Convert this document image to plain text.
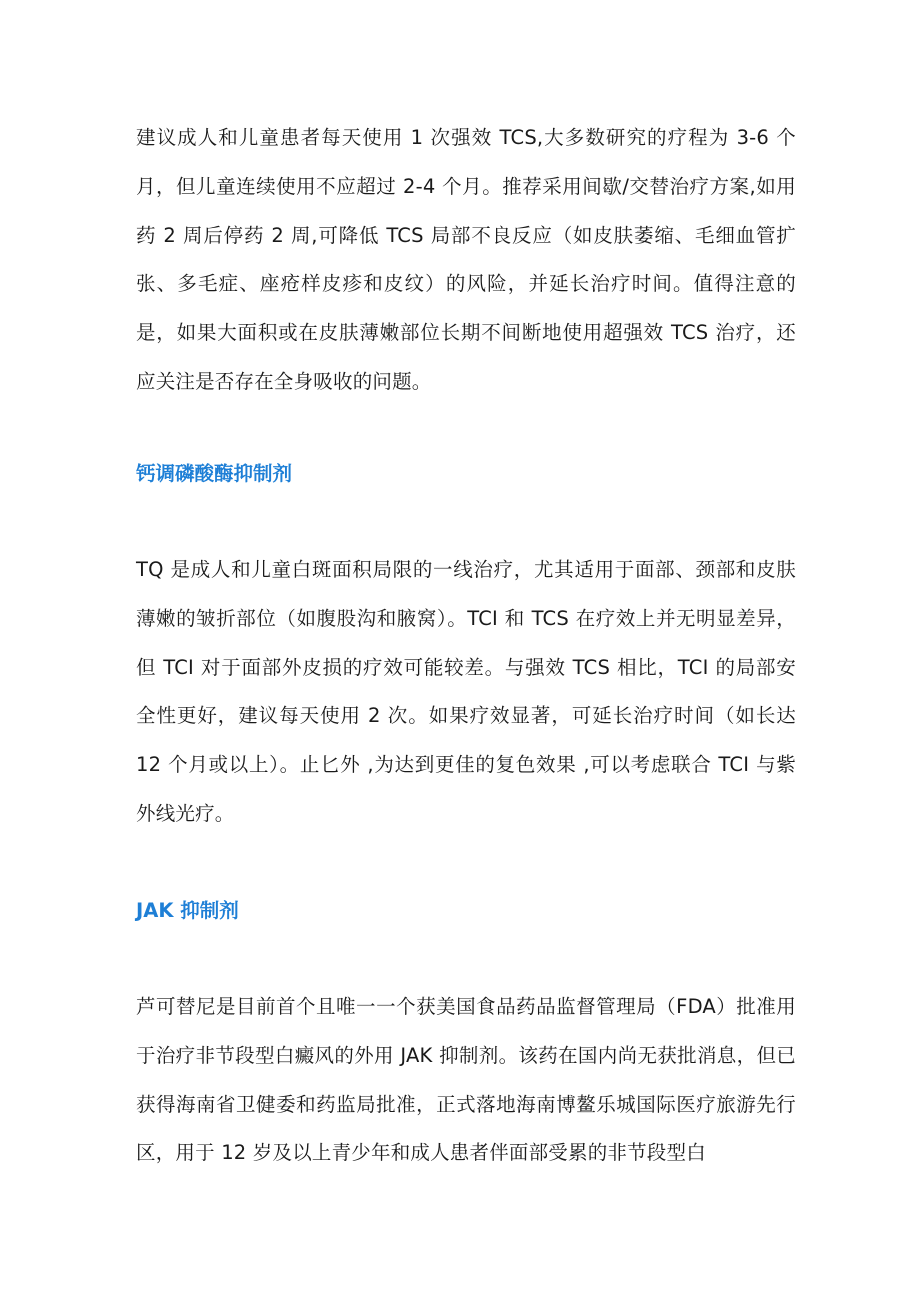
建议成人和儿童患者每天使用 1 次强效 TCS,大多数研究的疗程为 3-6 个月，但儿童连续使用不应超过 2-4 个月。推荐采用间歇/交替治疗方案,如用药 2 周后停药 2 周,可降低 TCS 局部不良反应（如皮肤萎缩、毛细血管扩张、多毛症、座疮样皮疹和皮纹）的风险，并延长治疗时间。值得注意的是，如果大面积或在皮肤薄嫩部位长期不间断地使用超强效 TCS 治疗，还应关注是否存在全身吸收的问题。

钙调磷酸酶抑制剂

TQ 是成人和儿童白斑面积局限的一线治疗，尤其适用于面部、颈部和皮肤薄嫩的皱折部位（如腹股沟和腋窝）。TCI 和 TCS 在疗效上并无明显差异，但 TCI 对于面部外皮损的疗效可能较差。与强效 TCS 相比，TCI 的局部安全性更好，建议每天使用 2 次。如果疗效显著，可延长治疗时间（如长达 12 个月或以上）。止匕外 ,为达到更佳的复色效果 ,可以考虑联合 TCI 与紫外线光疗。

JAK 抑制剂

芦可替尼是目前首个且唯一一个获美国食品药品监督管理局（FDA）批准用于治疗非节段型白癜风的外用 JAK 抑制剂。该药在国内尚无获批消息，但已获得海南省卫健委和药监局批准，正式落地海南博鳌乐城国际医疗旅游先行区，用于 12 岁及以上青少年和成人患者伴面部受累的非节段型白
